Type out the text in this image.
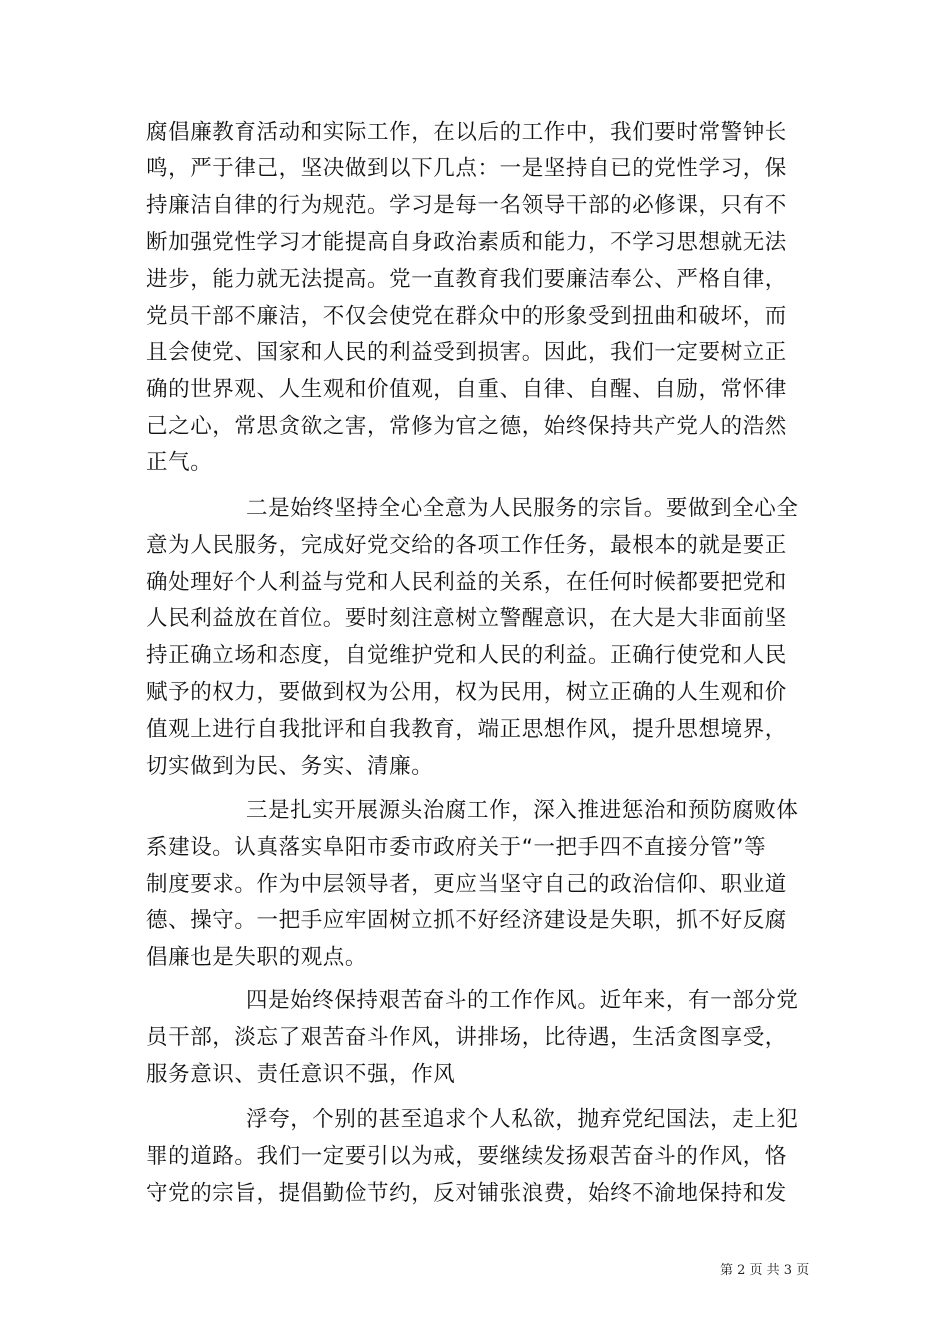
腐倡廉教育活动和实际工作，在以后的工作中，我们要时常警钟长
鸣，严于律己，坚决做到以下几点：一是坚持自已的党性学习，保
持廉洁自律的行为规范。学习是每一名领导干部的必修课，只有不
断加强党性学习才能提高自身政治素质和能力，不学习思想就无法
进步，能力就无法提高。党一直教育我们要廉洁奉公、严格自律，
党员干部不廉洁，不仅会使党在群众中的形象受到扭曲和破坏，而
且会使党、国家和人民的利益受到损害。因此，我们一定要树立正
确的世界观、人生观和价值观，自重、自律、自醒、自励，常怀律
己之心，常思贪欲之害，常修为官之德，始终保持共产党人的浩然
正气。
二是始终坚持全心全意为人民服务的宗旨。要做到全心全
意为人民服务，完成好党交给的各项工作任务，最根本的就是要正
确处理好个人利益与党和人民利益的关系，在任何时候都要把党和
人民利益放在首位。要时刻注意树立警醒意识，在大是大非面前坚
持正确立场和态度，自觉维护党和人民的利益。正确行使党和人民
赋予的权力，要做到权为公用，权为民用，树立正确的人生观和价
值观上进行自我批评和自我教育，端正思想作风，提升思想境界，
切实做到为民、务实、清廉。
三是扎实开展源头治腐工作，深入推进惩治和预防腐败体
系建设。认真落实阜阳市委市政府关于“一把手四不直接分管”等
制度要求。作为中层领导者，更应当坚守自己的政治信仰、职业道
德、操守。一把手应牢固树立抓不好经济建设是失职，抓不好反腐
倡廉也是失职的观点。
四是始终保持艰苦奋斗的工作作风。近年来，有一部分党
员干部，淡忘了艰苦奋斗作风，讲排场，比待遇，生活贪图享受，
服务意识、责任意识不强，作风
浮夸，个别的甚至追求个人私欲，抛弃党纪国法，走上犯
罪的道路。我们一定要引以为戒，要继续发扬艰苦奋斗的作风，恪
守党的宗旨，提倡勤俭节约，反对铺张浪费，始终不渝地保持和发
第 2 页 共 3 页
